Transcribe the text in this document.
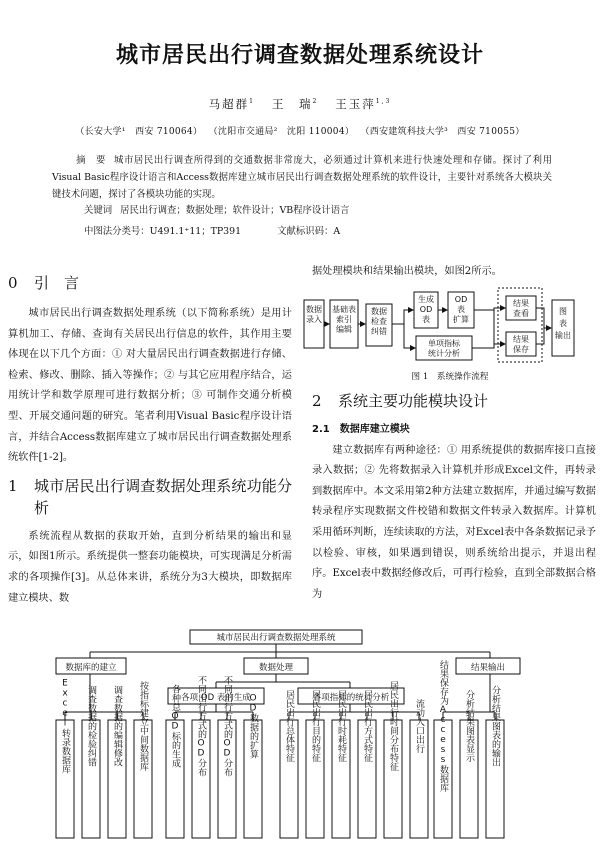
城市居民出行调查数据处理系统设计
马超群$^1$ 王　瑞$^2$ 王玉萍$^{1,3}$
（长安大学¹　西安 710064） （沈阳市交通局²　沈阳 110004） （西安建筑科技大学³　西安 710055）
摘　要 城市居民出行调查所得到的交通数据非常庞大，必须通过计算机来进行快速处理和存储。探讨了利用Visual Basic程序设计语言和Access数据库建立城市居民出行调查数据处理系统的软件设计，主要针对系统各大模块关键技术问题，探讨了各模块功能的实现。
关键词 居民出行调查；数据处理；软件设计；VB程序设计语言
中图法分类号：U491.1⁺11；TP391	文献标识码：A
0 引　言

城市居民出行调查数据处理系统（以下简称系统）是用计算机加工、存储、查询有关居民出行信息的软件，其作用主要体现在以下几个方面：① 对大量居民出行调查数据进行存储、检索、修改、删除、插入等操作；② 与其它应用程序结合，运用统计学和数学原理可进行数据分析；③ 可制作交通分析模型、开展交通问题的研究。笔者利用Visual Basic程序设计语言，并结合Access数据库建立了城市居民出行调查数据处理系统软件[1-2]。

1	城市居民出行调查数据处理系统功能分析

系统流程从数据的获取开始，直到分析结果的输出和显示，如图1所示。系统提供一整套功能模块，可实现满足分析需求的各项操作[3]。从总体来讲，系统分为3大模块，即数据库建立模块、数

据处理模块和结果输出模块，如图2所示。

数据录入
基础表索引编辑
数据检查纠错
生成 OD 表
OD 表扩算
单项指标统计分析
结果查看
结果保存
图表输出
图 1　系统操作流程
2 系统主要功能模块设计
2.1　数据库建立模块

建立数据库有两种途径：① 用系统提供的数据库接口直接录入数据；② 先将数据录入计算机并形成Excel文件，再转录到数据库中。本文采用第2种方法建立数据库，并通过编写数据转录程序实现数据文件校错和数据文件转录入数据库。计算机采用循环判断，连续读取的方法，对Excel表中各条数据记录予以检验、审核，如果遇到错误，则系统给出提示，并退出程序。Excel表中数据经修改后，可再行检验，直到全部数据合格为

Excel转录数据库 调查数据的检验纠错 调查数据的编辑修改 按指标建立中间数据库 各种总OD标的生成 不同出行方式的OD分布 不同出行方式的OD分布 OD数据的扩算	居民出行总体特征 居民出行目的特征 居民出行时耗特征 居民出行方式特征 居民出行时间分布特征 流动人口出行 结果保存为Access数据库 分析结果图表显示 分析结果图表的输出
城市居民出行调查数据处理系统
数据库的建立	数据处理	结果输出
各项 OD 表的生成	各项指标的统计分析
